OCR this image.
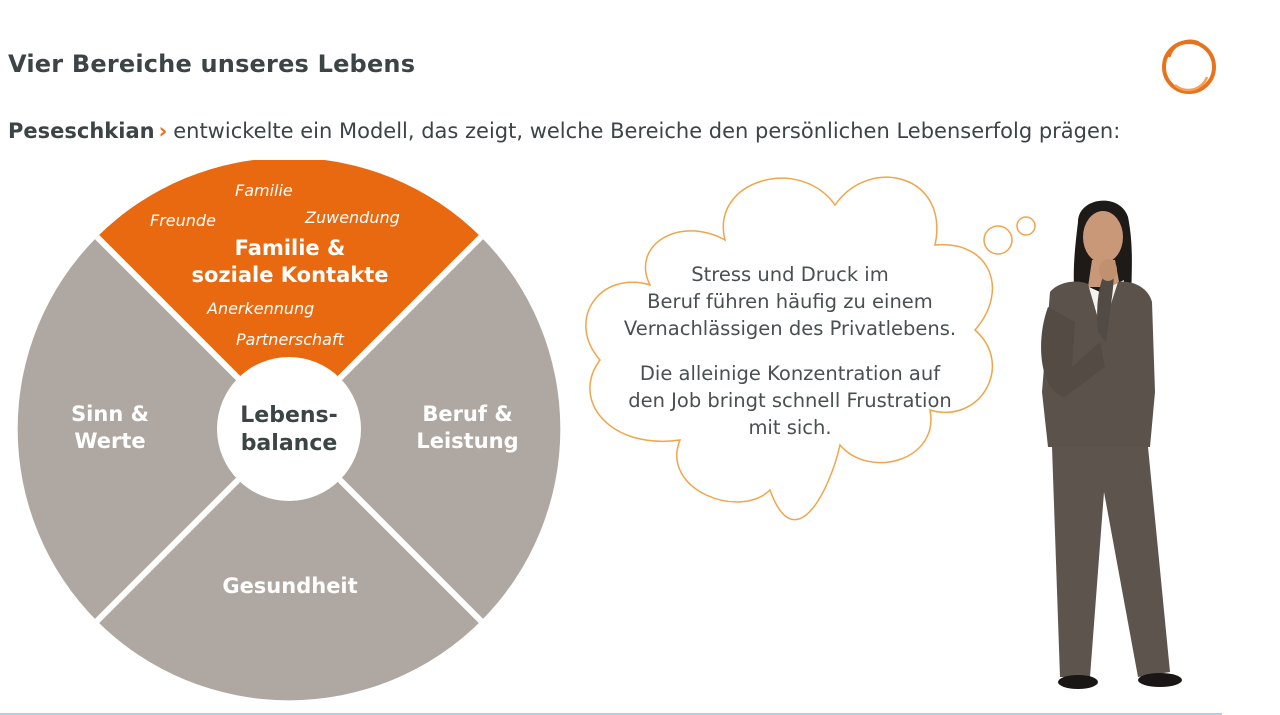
Vier Bereiche unseres Lebens

Peseschkian › entwickelte ein Modell, das zeigt, welche Bereiche den persönlichen Lebenserfolg prägen:

Familie
Freunde	Zuwendung
Familie &
soziale Kontakte
Anerkennung
Partnerschaft
Sinn &
Werte
Beruf &
Leistung
Gesundheit
Lebens-
balance

Stress und Druck im
Beruf führen häufig zu einem
Vernachlässigen des Privatlebens.

Die alleinige Konzentration auf
den Job bringt schnell Frustration
mit sich.
